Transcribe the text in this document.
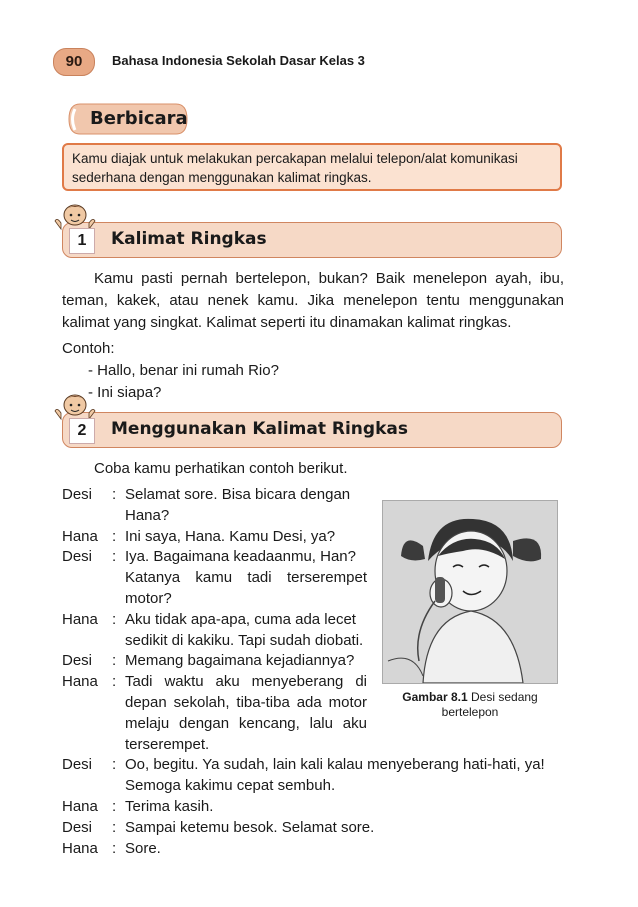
90	Bahasa Indonesia Sekolah Dasar Kelas 3
Berbicara
Kamu diajak untuk melakukan percakapan melalui telepon/alat komunikasi sederhana dengan menggunakan kalimat ringkas.
1	Kalimat Ringkas
Kamu pasti pernah bertelepon, bukan? Baik menelepon ayah, ibu,
teman, kakek, atau nenek kamu. Jika menelepon tentu menggunakan
kalimat yang singkat. Kalimat seperti itu dinamakan kalimat ringkas.
Contoh:
- Hallo, benar ini rumah Rio?
- Ini siapa?
2	Menggunakan Kalimat Ringkas
Coba kamu perhatikan contoh berikut.
Desi : Selamat sore. Bisa bicara dengan
Hana?
Hana : Ini saya, Hana. Kamu Desi, ya?
Desi : Iya. Bagaimana keadaanmu, Han?
Katanya kamu tadi terserempet
motor?
Hana : Aku tidak apa-apa, cuma ada lecet
sedikit di kakiku. Tapi sudah diobati.
Desi : Memang bagaimana kejadiannya?
Hana : Tadi waktu aku menyeberang di
depan sekolah, tiba-tiba ada motor
melaju dengan kencang, lalu aku
terserempet.
Desi : Oo, begitu. Ya sudah, lain kali kalau menyeberang hati-hati, ya!
Semoga kakimu cepat sembuh.
Hana : Terima kasih.
Desi : Sampai ketemu besok. Selamat sore.
Hana : Sore.
Gambar 8.1 Desi sedang bertelepon
